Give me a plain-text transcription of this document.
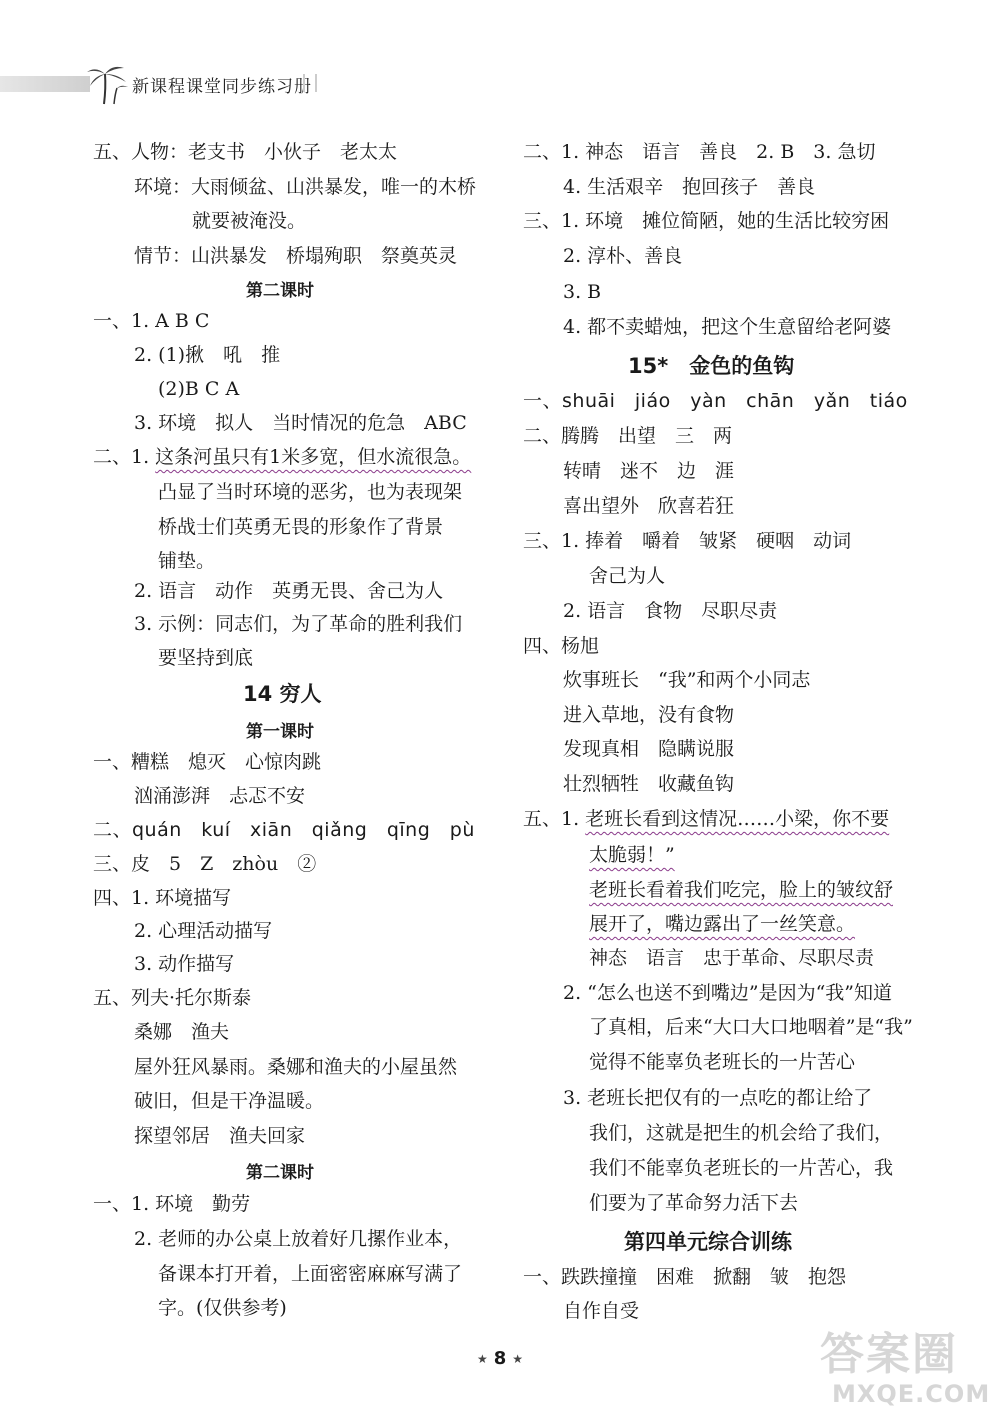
新课程课堂同步练习册
五、人物：老支书　小伙子　老太太
环境：大雨倾盆、山洪暴发，唯一的木桥
就要被淹没。
情节：山洪暴发　桥塌殉职　祭奠英灵
第二课时
一、1. A B C
2. (1)揪　吼　推
(2)B C A
3. 环境　拟人　当时情况的危急　ABC
二、1. 这条河虽只有1米多宽，但水流很急。
凸显了当时环境的恶劣，也为表现架
桥战士们英勇无畏的形象作了背景
铺垫。
2. 语言　动作　英勇无畏、舍己为人
3. 示例：同志们，为了革命的胜利我们
要坚持到底
14 穷人
第一课时
一、糟糕　熄灭　心惊肉跳
汹涌澎湃　忐忑不安
二、quán　kuí　xiān　qiǎng　qīng　pù
三、皮　5　Z　zhòu　②
四、1. 环境描写
2. 心理活动描写
3. 动作描写
五、列夫·托尔斯泰
桑娜　渔夫
屋外狂风暴雨。桑娜和渔夫的小屋虽然
破旧，但是干净温暖。
探望邻居　渔夫回家
第二课时
一、1. 环境　勤劳
2. 老师的办公桌上放着好几摞作业本，
备课本打开着，上面密密麻麻写满了
字。(仅供参考)
二、1. 神态　语言　善良　2. B　3. 急切
4. 生活艰辛　抱回孩子　善良
三、1. 环境　摊位简陋，她的生活比较穷困
2. 淳朴、善良
3. B
4. 都不卖蜡烛，把这个生意留给老阿婆
15*　金色的鱼钩
一、shuāi　jiáo　yàn　chān　yǎn　tiáo
二、腾腾　出望　三　两
转晴　迷不　边　涯
喜出望外　欣喜若狂
三、1. 捧着　嚼着　皱紧　硬咽　动词
舍己为人
2. 语言　食物　尽职尽责
四、杨旭
炊事班长　“我”和两个小同志
进入草地，没有食物
发现真相　隐瞒说服
壮烈牺牲　收藏鱼钩
五、1. 老班长看到这情况……小梁，你不要
太脆弱！”
老班长看着我们吃完，脸上的皱纹舒
展开了，嘴边露出了一丝笑意。
神态　语言　忠于革命、尽职尽责
2. “怎么也送不到嘴边”是因为“我”知道
了真相，后来“大口大口地咽着”是“我”
觉得不能辜负老班长的一片苦心
3. 老班长把仅有的一点吃的都让给了
我们，这就是把生的机会给了我们，
我们不能辜负老班长的一片苦心，我
们要为了革命努力活下去
第四单元综合训练
一、跌跌撞撞　困难　掀翻　皱　抱怨
自作自受
★ 8 ★	答案圈
MXQE.COM
